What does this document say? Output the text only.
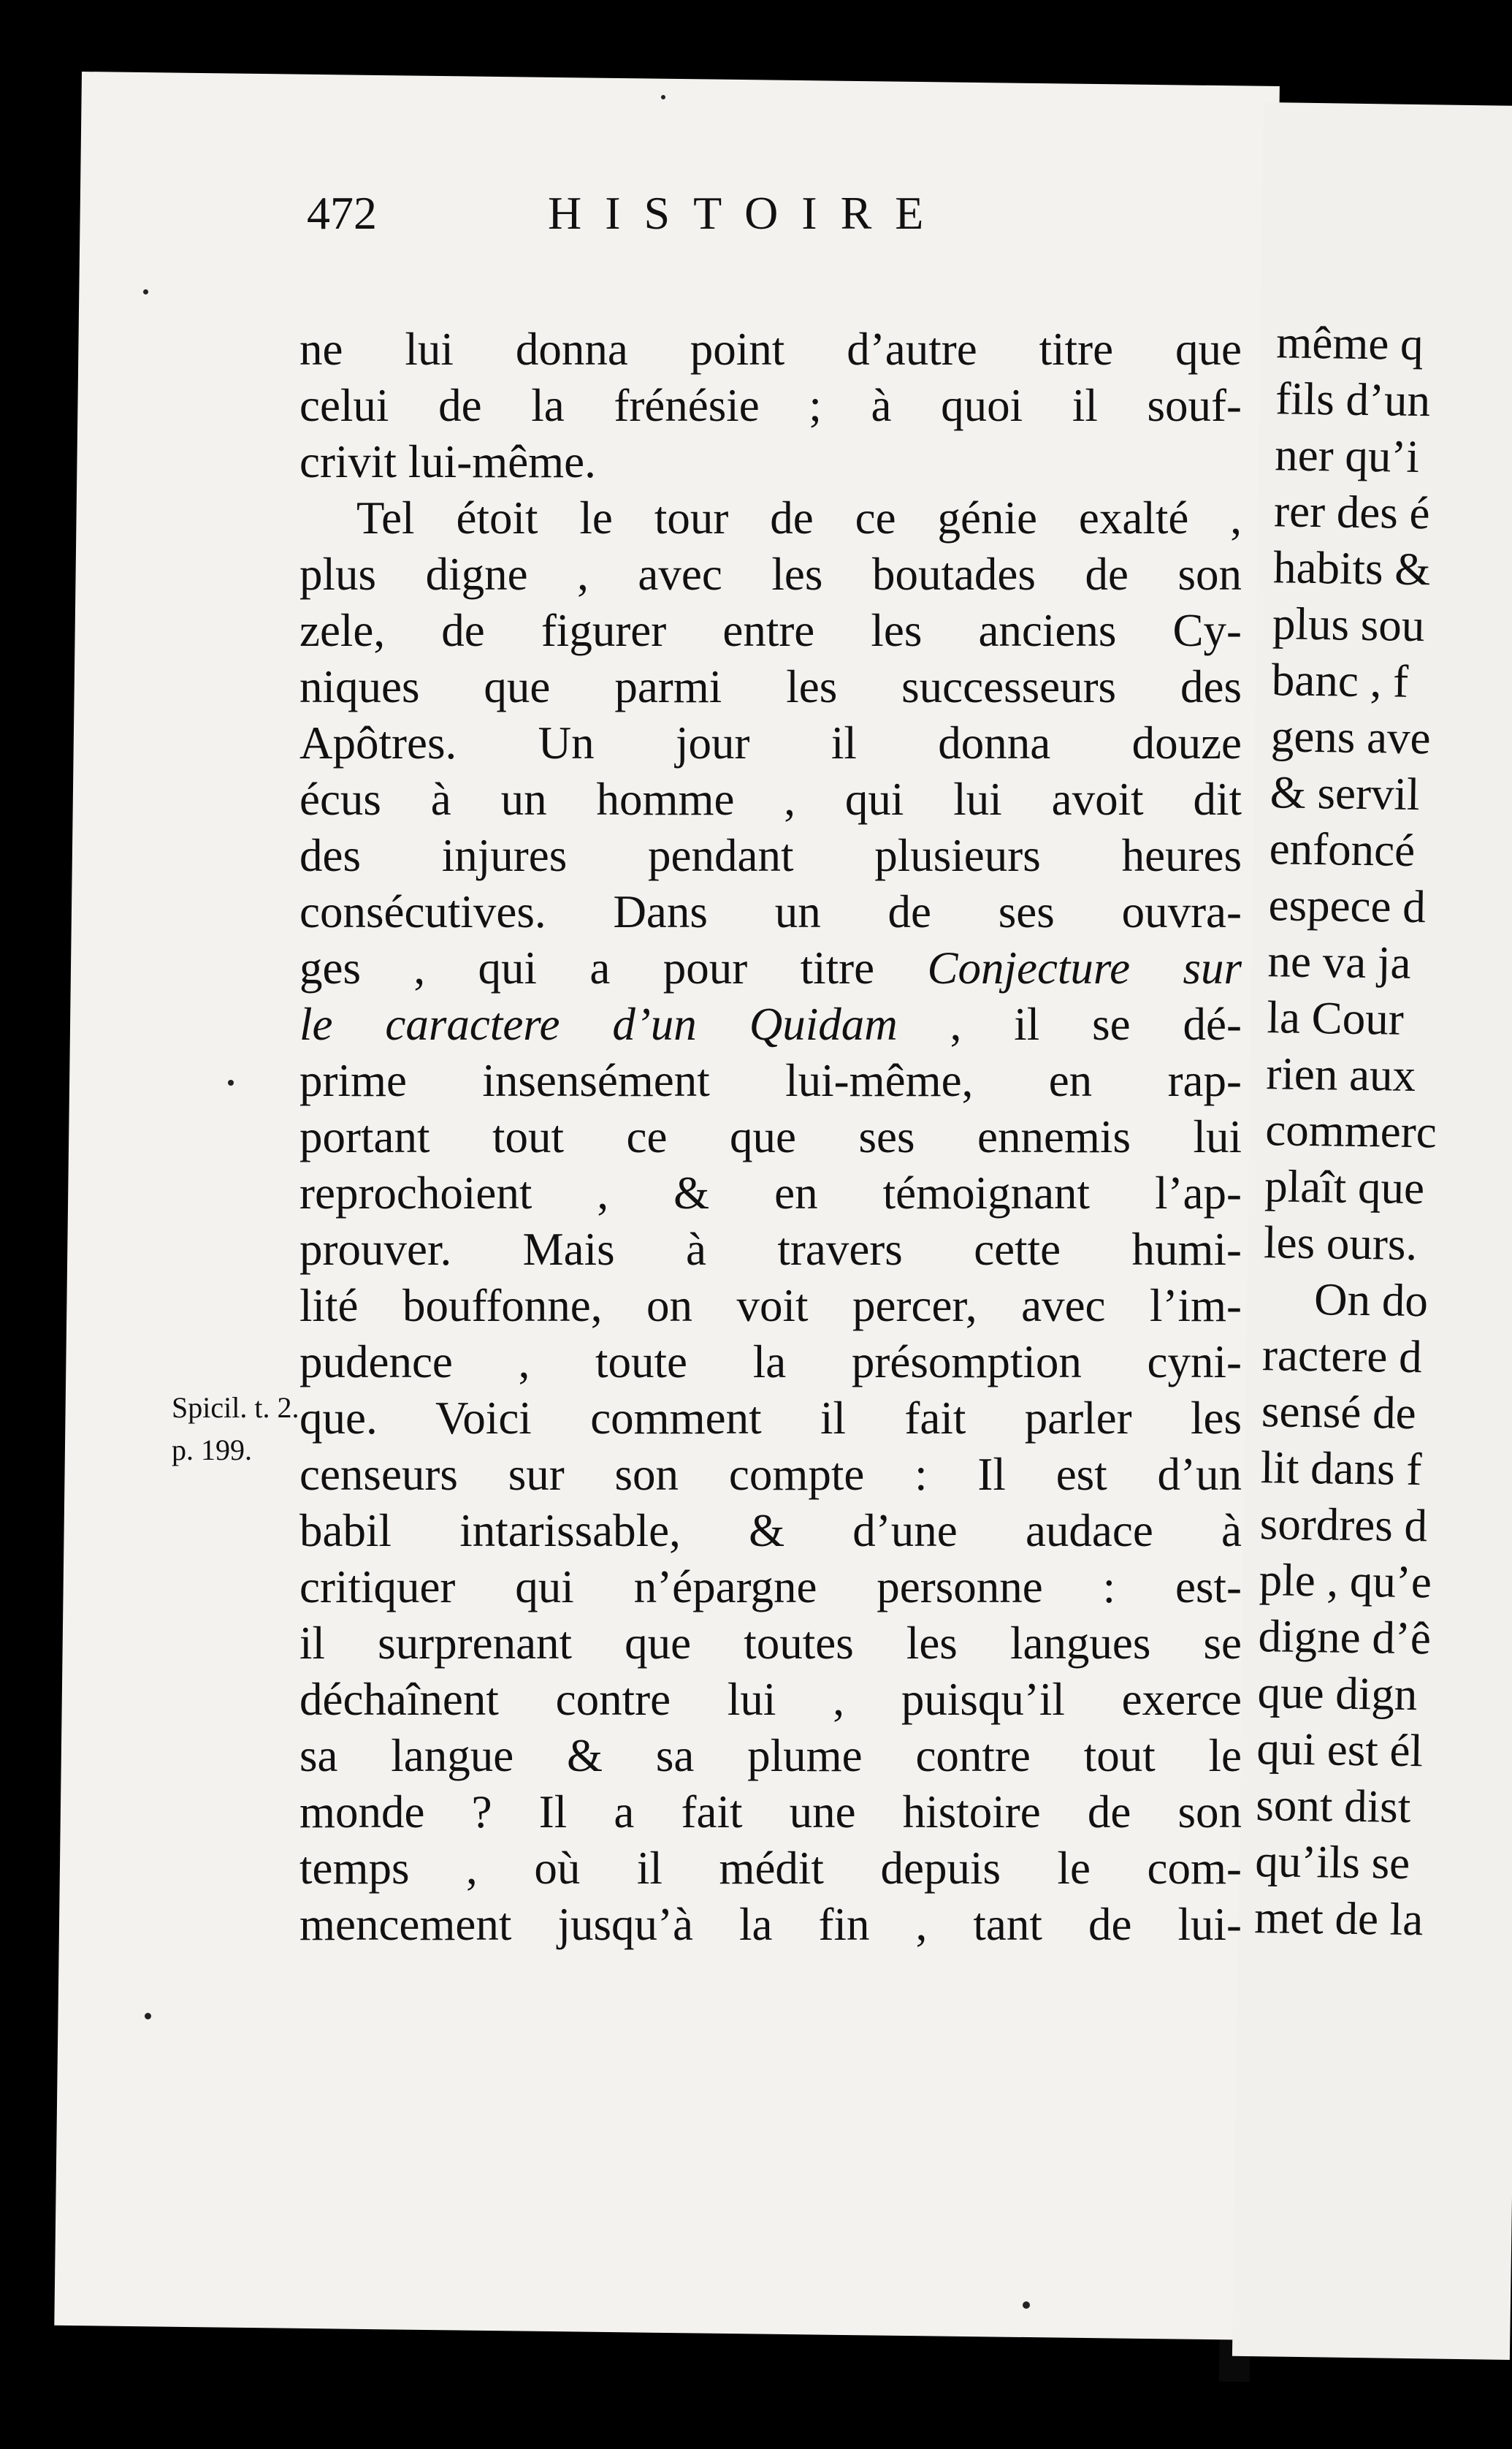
même q
fils d’un
ner qu’i
rer des é
habits &
plus sou
banc , f
gens ave
& servil
enfoncé
espece d
ne va ja
la Cour
rien aux
commerc
plaît que
les ours.
On do
ractere d
sensé de
lit dans f
sordres d
ple , qu’e
digne d’ê
que dign
qui est él
sont dist
qu’ils se
met de la
472	HISTOIRE
ne lui donna point d’autre titre que
celui de la frénésie ; à quoi il souf-
crivit lui-même.
Tel étoit le tour de ce génie exalté ,
plus digne , avec les boutades de son
zele, de figurer entre les anciens Cy-
niques que parmi les successeurs des
Apôtres. Un jour il donna douze
écus à un homme , qui lui avoit dit
des injures pendant plusieurs heures
consécutives. Dans un de ses ouvra-
ges , qui a pour titre Conjecture sur
le caractere d’un Quidam , il se dé-
prime insensément lui-même, en rap-
portant tout ce que ses ennemis lui
reprochoient , & en témoignant l’ap-
prouver. Mais à travers cette humi-
lité bouffonne, on voit percer, avec l’im-
pudence , toute la présomption cyni-
que. Voici comment il fait parler les
censeurs sur son compte : Il est d’un
babil intarissable, & d’une audace à
critiquer qui n’épargne personne : est-
il surprenant que toutes les langues se
déchaînent contre lui , puisqu’il exerce
sa langue & sa plume contre tout le
monde ? Il a fait une histoire de son
temps , où il médit depuis le com-
mencement jusqu’à la fin , tant de lui-
Spicil. t. 2.
p. 199.
